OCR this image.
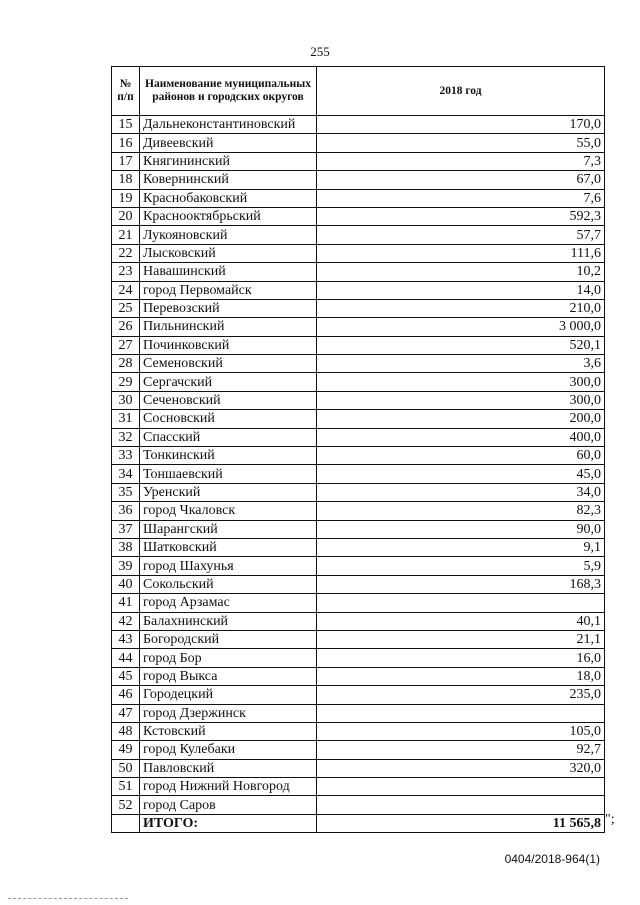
255
№ п/п	Наименование муниципальных районов и городских округов	2018 год
15	Дальнеконстантиновский	170,0
16	Дивеевский	55,0
17	Княгининский	7,3
18	Ковернинский	67,0
19	Краснобаковский	7,6
20	Краснооктябрьский	592,3
21	Лукояновский	57,7
22	Лысковский	111,6
23	Навашинский	10,2
24	город Первомайск	14,0
25	Перевозский	210,0
26	Пильнинский	3 000,0
27	Починковский	520,1
28	Семеновский	3,6
29	Сергачский	300,0
30	Сеченовский	300,0
31	Сосновский	200,0
32	Спасский	400,0
33	Тонкинский	60,0
34	Тоншаевский	45,0
35	Уренский	34,0
36	город Чкаловск	82,3
37	Шарангский	90,0
38	Шатковский	9,1
39	город Шахунья	5,9
40	Сокольский	168,3
41	город Арзамас	
42	Балахнинский	40,1
43	Богородский	21,1
44	город Бор	16,0
45	город Выкса	18,0
46	Городецкий	235,0
47	город Дзержинск	
48	Кстовский	105,0
49	город Кулебаки	92,7
50	Павловский	320,0
51	город Нижний Новгород	
52	город Саров	
	ИТОГО:	11 565,8 ";
0404/2018-964(1)
